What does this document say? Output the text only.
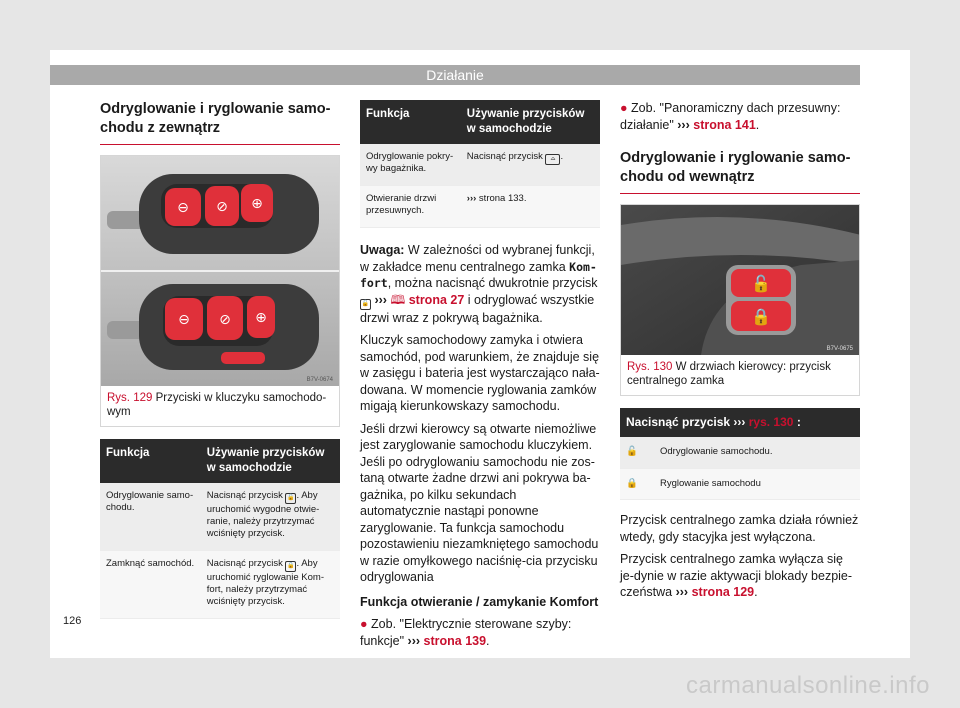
Działanie
Odryglowanie i ryglowanie samo-chodu z zewnątrz
⊖ ⊘ ⊕
⊖ ⊘ ⊕
B7V-0674
Rys. 129 Przyciski w kluczyku samochodo-wym
Funkcja	Używanie przycisków w samochodzie
Odryglowanie samo-chodu.	Nacisnąć przycisk 🔓 . Aby uruchomić wygodne otwie-ranie, należy przytrzymać wciśnięty przycisk.
Zamknąć samochód.	Nacisnąć przycisk 🔒 . Aby uruchomić ryglowanie Kom-fort, należy przytrzymać wciśnięty przycisk.
Funkcja	Używanie przycisków w samochodzie
Odryglowanie pokry-wy bagażnika.	Nacisnąć przycisk ⌓ .
Otwieranie drzwi przesuwnych.	››› strona 133.

Uwaga: W zależności od wybranej funkcji, w zakładce menu centralnego zamka Kom-fort, można nacisnąć dwukrotnie przycisk
🔓 ››› 🕮 strona 27 i odryglować wszystkie drzwi wraz z pokrywą bagażnika.

Kluczyk samochodowy zamyka i otwiera samochód, pod warunkiem, że znajduje się w zasięgu i bateria jest wystarczająco nała-dowana. W momencie ryglowania zamków migają kierunkowskazy samochodu.

Jeśli drzwi kierowcy są otwarte niemożliwe jest zaryglowanie samochodu kluczykiem. Jeśli po odryglowaniu samochodu nie zos-taną otwarte żadne drzwi ani pokrywa ba-gażnika, po kilku sekundach automatycznie nastąpi ponowne zaryglowanie. Ta funkcja samochodu pozostawieniu niezamkniętego samochodu w razie omyłkowego naciśnię-cia przycisku odryglowania

Funkcja otwieranie / zamykanie Komfort

● Zob. "Elektrycznie sterowane szyby: funkcje" ››› strona 139.

● Zob. "Panoramiczny dach przesuwny: działanie" ››› strona 141.

Odryglowanie i ryglowanie samo-chodu od wewnątrz
🔓
🔒
B7V-0675
Rys. 130 W drzwiach kierowcy: przycisk centralnego zamka
Nacisnąć przycisk ››› rys. 130 :	
🔓	Odryglowanie samochodu.
🔒	Ryglowanie samochodu

Przycisk centralnego zamka działa również wtedy, gdy stacyjka jest wyłączona.

Przycisk centralnego zamka wyłącza się je-dynie w razie aktywacji blokady bezpie-czeństwa ››› strona 129.

126
carmanualsonline.info
